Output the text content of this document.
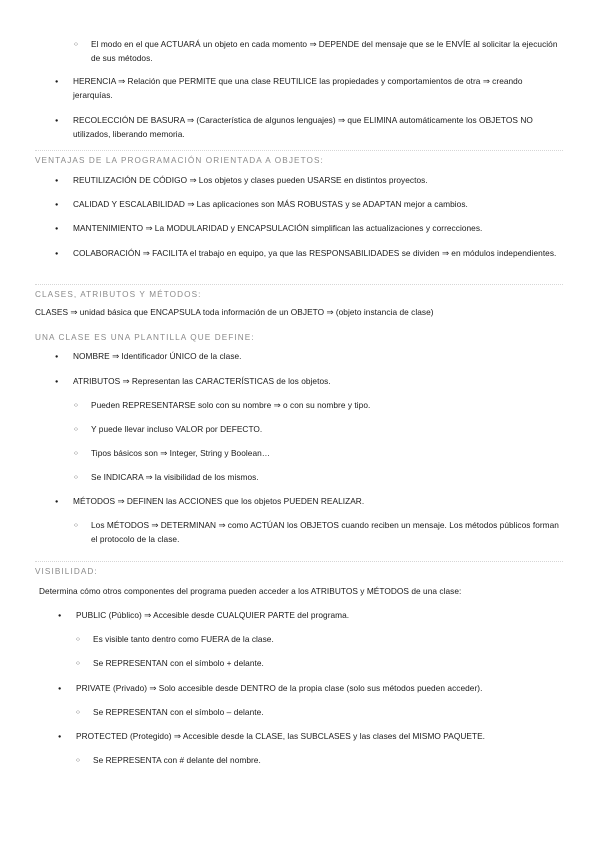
○
El modo en el que ACTUARÁ un objeto en cada momento ⇒ DEPENDE del mensaje que se le ENVÍE al solicitar la ejecución de sus métodos.
●
HERENCIA ⇒ Relación que PERMITE que una clase REUTILICE las propiedades y comportamientos de otra ⇒ creando jerarquías.
●
RECOLECCIÓN DE BASURA ⇒ (Característica de algunos lenguajes) ⇒ que ELIMINA automáticamente los OBJETOS NO utilizados, liberando memoria.
VENTAJAS DE LA PROGRAMACIÓN ORIENTADA A OBJETOS:
●
REUTILIZACIÓN DE CÓDIGO ⇒ Los objetos y clases pueden USARSE en distintos proyectos.
●
CALIDAD Y ESCALABILIDAD ⇒ Las aplicaciones son MÁS ROBUSTAS y se ADAPTAN mejor a cambios.
●
MANTENIMIENTO ⇒ La MODULARIDAD y ENCAPSULACIÓN simplifican las actualizaciones y correcciones.
●
COLABORACIÓN ⇒ FACILITA el trabajo en equipo, ya que las RESPONSABILIDADES se dividen ⇒ en módulos independientes.
CLASES, ATRIBUTOS Y MÉTODOS:
CLASES ⇒ unidad básica que ENCAPSULA toda información de un OBJETO ⇒ (objeto instancia de clase)
UNA CLASE ES UNA PLANTILLA QUE DEFINE:
●
NOMBRE ⇒ Identificador ÚNICO de la clase.
●
ATRIBUTOS ⇒ Representan las CARACTERÍSTICAS de los objetos.
○
Pueden REPRESENTARSE solo con su nombre ⇒ o con su nombre y tipo.
○
Y puede llevar incluso VALOR por DEFECTO.
○
Tipos básicos son ⇒ Integer, String y Boolean…
○
Se INDICARA ⇒ la visibilidad de los mismos.
●
MÉTODOS ⇒ DEFINEN las ACCIONES que los objetos PUEDEN REALIZAR.
○
Los MÉTODOS ⇒ DETERMINAN ⇒ como ACTÚAN los OBJETOS cuando reciben un mensaje. Los métodos públicos forman el protocolo de la clase.
VISIBILIDAD:
Determina cómo otros componentes del programa pueden acceder a los ATRIBUTOS y MÉTODOS de una clase:
●
PUBLIC (Público) ⇒ Accesible desde CUALQUIER PARTE del programa.
○
Es visible tanto dentro como FUERA de la clase.
○
Se REPRESENTAN con el símbolo + delante.
●
PRIVATE (Privado) ⇒ Solo accesible desde DENTRO de la propia clase (solo sus métodos pueden acceder).
○
Se REPRESENTAN con el símbolo – delante.
●
PROTECTED (Protegido) ⇒ Accesible desde la CLASE, las SUBCLASES y las clases del MISMO PAQUETE.
○
Se REPRESENTA con # delante del nombre.
